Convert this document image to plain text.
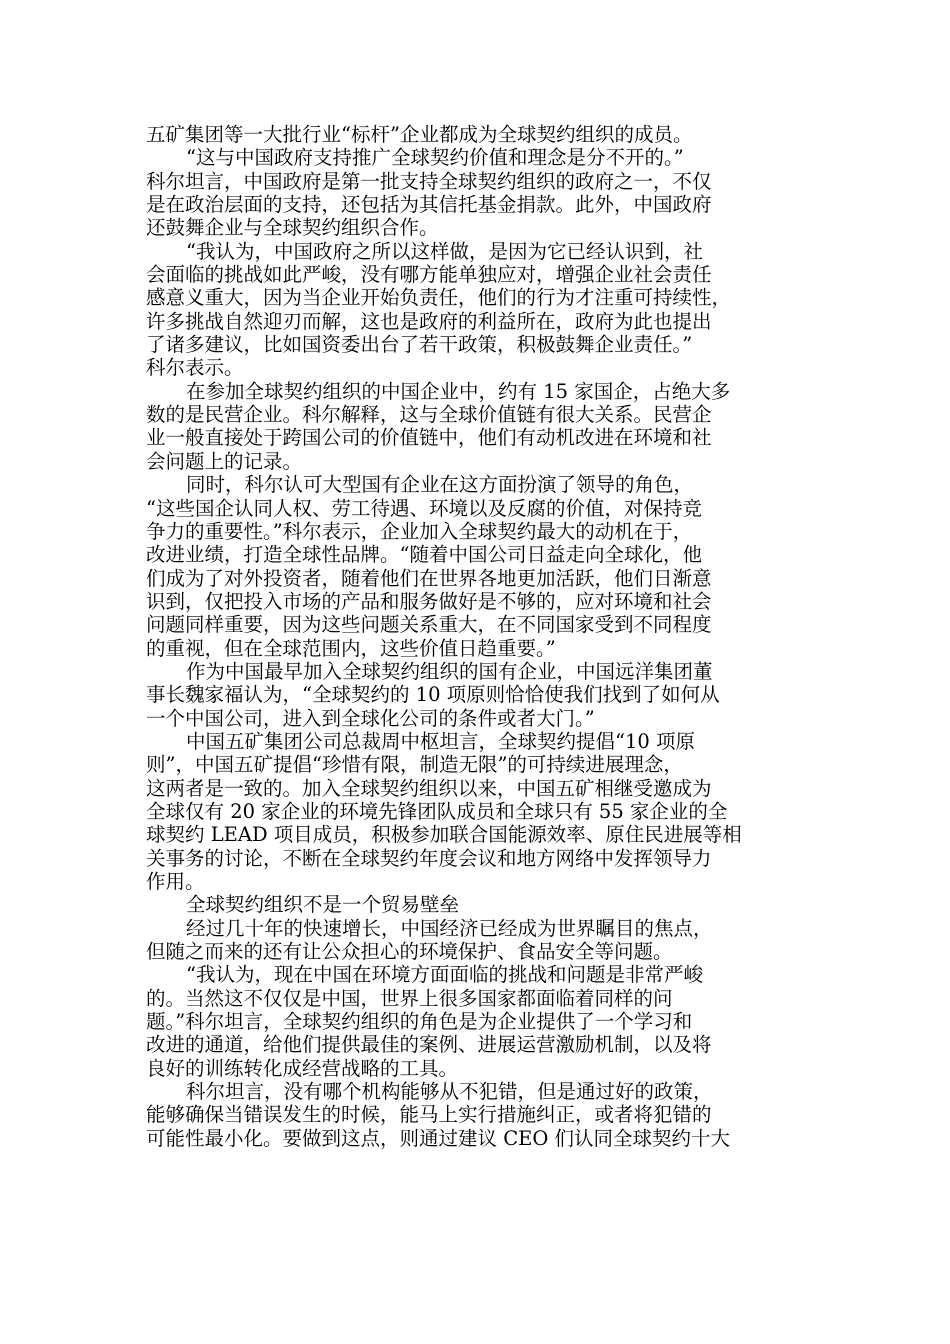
五矿集团等一大批行业“标杆”企业都成为全球契约组织的成员。
“这与中国政府支持推广全球契约价值和理念是分不开的。”
科尔坦言，中国政府是第一批支持全球契约组织的政府之一，不仅
是在政治层面的支持，还包括为其信托基金捐款。此外，中国政府
还鼓舞企业与全球契约组织合作。
“我认为，中国政府之所以这样做，是因为它已经认识到，社
会面临的挑战如此严峻，没有哪方能单独应对，增强企业社会责任
感意义重大，因为当企业开始负责任，他们的行为才注重可持续性，
许多挑战自然迎刃而解，这也是政府的利益所在，政府为此也提出
了诸多建议，比如国资委出台了若干政策，积极鼓舞企业责任。”
科尔表示。
在参加全球契约组织的中国企业中，约有 15 家国企，占绝大多
数的是民营企业。科尔解释，这与全球价值链有很大关系。民营企
业一般直接处于跨国公司的价值链中，他们有动机改进在环境和社
会问题上的记录。
同时，科尔认可大型国有企业在这方面扮演了领导的角色，
“这些国企认同人权、劳工待遇、环境以及反腐的价值，对保持竞
争力的重要性。”科尔表示，企业加入全球契约最大的动机在于，
改进业绩，打造全球性品牌。“随着中国公司日益走向全球化，他
们成为了对外投资者，随着他们在世界各地更加活跃，他们日渐意
识到，仅把投入市场的产品和服务做好是不够的，应对环境和社会
问题同样重要，因为这些问题关系重大，在不同国家受到不同程度
的重视，但在全球范围内，这些价值日趋重要。”
作为中国最早加入全球契约组织的国有企业，中国远洋集团董
事长魏家福认为，“全球契约的 10 项原则恰恰使我们找到了如何从
一个中国公司，进入到全球化公司的条件或者大门。”
中国五矿集团公司总裁周中枢坦言，全球契约提倡“10 项原
则”，中国五矿提倡“珍惜有限，制造无限”的可持续进展理念，
这两者是一致的。加入全球契约组织以来，中国五矿相继受邀成为
全球仅有 20 家企业的环境先锋团队成员和全球只有 55 家企业的全
球契约 LEAD 项目成员，积极参加联合国能源效率、原住民进展等相
关事务的讨论，不断在全球契约年度会议和地方网络中发挥领导力
作用。
全球契约组织不是一个贸易壁垒
经过几十年的快速增长，中国经济已经成为世界瞩目的焦点，
但随之而来的还有让公众担心的环境保护、食品安全等问题。
“我认为，现在中国在环境方面面临的挑战和问题是非常严峻
的。当然这不仅仅是中国，世界上很多国家都面临着同样的问
题。”科尔坦言，全球契约组织的角色是为企业提供了一个学习和
改进的通道，给他们提供最佳的案例、进展运营激励机制，以及将
良好的训练转化成经营战略的工具。
科尔坦言，没有哪个机构能够从不犯错，但是通过好的政策，
能够确保当错误发生的时候，能马上实行措施纠正，或者将犯错的
可能性最小化。要做到这点，则通过建议 CEO 们认同全球契约十大
